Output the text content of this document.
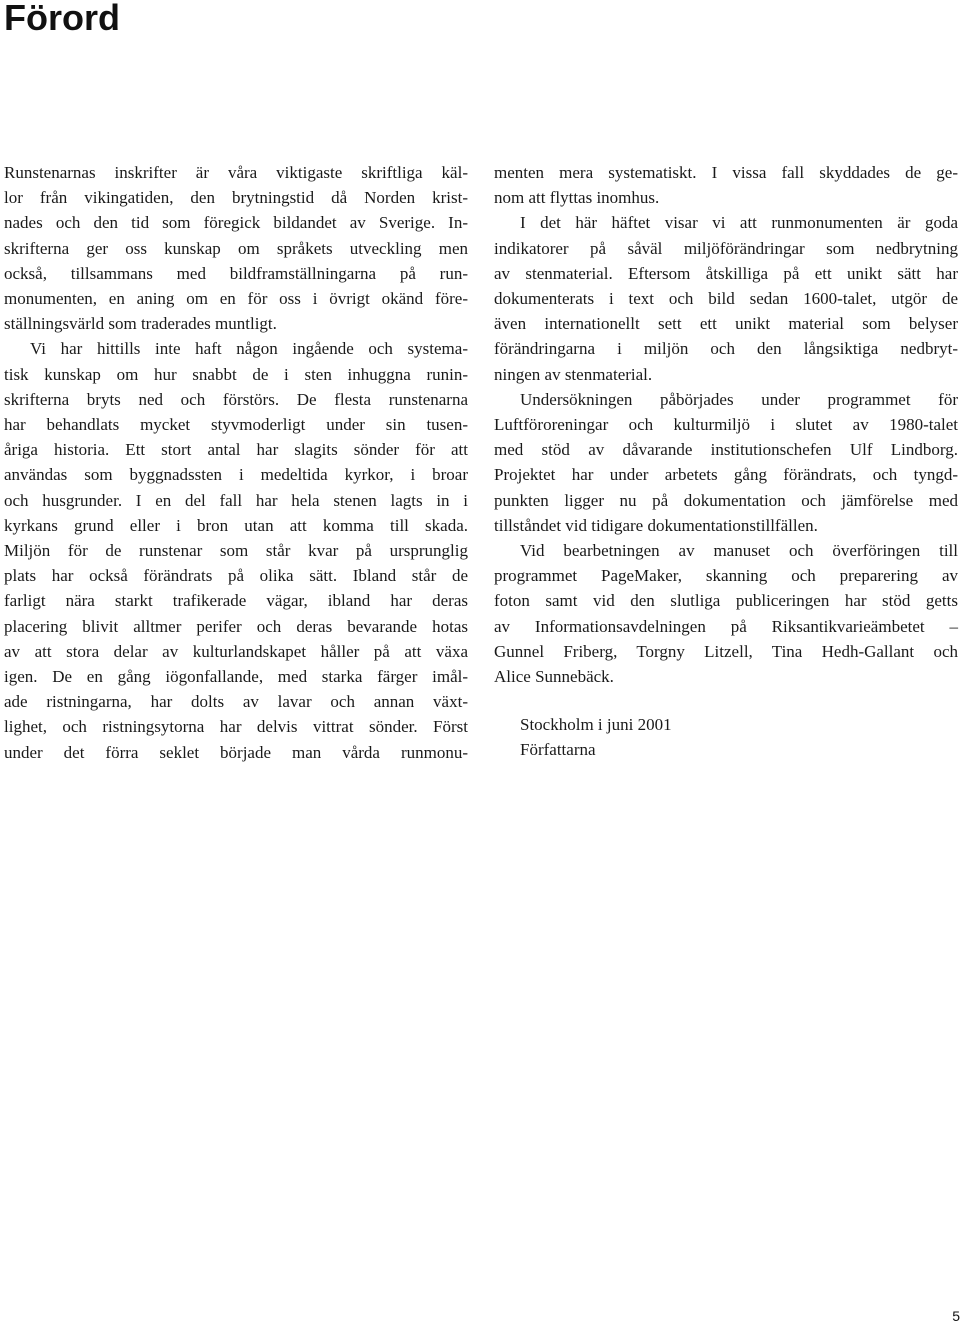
Förord

Runstenarnas inskrifter är våra viktigaste skriftliga käl-

lor från vikingatiden, den brytningstid då Norden krist-

nades och den tid som föregick bildandet av Sverige. In-

skrifterna ger oss kunskap om språkets utveckling men

också, tillsammans med bildframställningarna på run-

monumenten, en aning om en för oss i övrigt okänd före-

ställningsvärld som traderades muntligt.

Vi har hittills inte haft någon ingående och systema-

tisk kunskap om hur snabbt de i sten inhuggna runin-

skrifterna bryts ned och förstörs. De flesta runstenarna

har behandlats mycket styvmoderligt under sin tusen-

åriga historia. Ett stort antal har slagits sönder för att

användas som byggnadssten i medeltida kyrkor, i broar

och husgrunder. I en del fall har hela stenen lagts in i

kyrkans grund eller i bron utan att komma till skada.

Miljön för de runstenar som står kvar på ursprunglig

plats har också förändrats på olika sätt. Ibland står de

farligt nära starkt trafikerade vägar, ibland har deras

placering blivit alltmer perifer och deras bevarande hotas

av att stora delar av kulturlandskapet håller på att växa

igen. De en gång iögonfallande, med starka färger imål-

ade ristningarna, har dolts av lavar och annan växt-

lighet, och ristningsytorna har delvis vittrat sönder. Först

under det förra seklet började man vårda runmonu-

menten mera systematiskt. I vissa fall skyddades de ge-

nom att flyttas inomhus.

I det här häftet visar vi att runmonumenten är goda

indikatorer på såväl miljöförändringar som nedbrytning

av stenmaterial. Eftersom åtskilliga på ett unikt sätt har

dokumenterats i text och bild sedan 1600-talet, utgör de

även internationellt sett ett unikt material som belyser

förändringarna i miljön och den långsiktiga nedbryt-

ningen av stenmaterial.

Undersökningen påbörjades under programmet för

Luftföroreningar och kulturmiljö i slutet av 1980-talet

med stöd av dåvarande institutionschefen Ulf Lindborg.

Projektet har under arbetets gång förändrats, och tyngd-

punkten ligger nu på dokumentation och jämförelse med

tillståndet vid tidigare dokumentationstillfällen.

Vid bearbetningen av manuset och överföringen till

programmet PageMaker, skanning och preparering av

foton samt vid den slutliga publiceringen har stöd getts

av Informationsavdelningen på Riksantikvarieämbetet –

Gunnel Friberg, Torgny Litzell, Tina Hedh-Gallant och

Alice Sunnebäck.

Stockholm i juni 2001
Författarna
5
